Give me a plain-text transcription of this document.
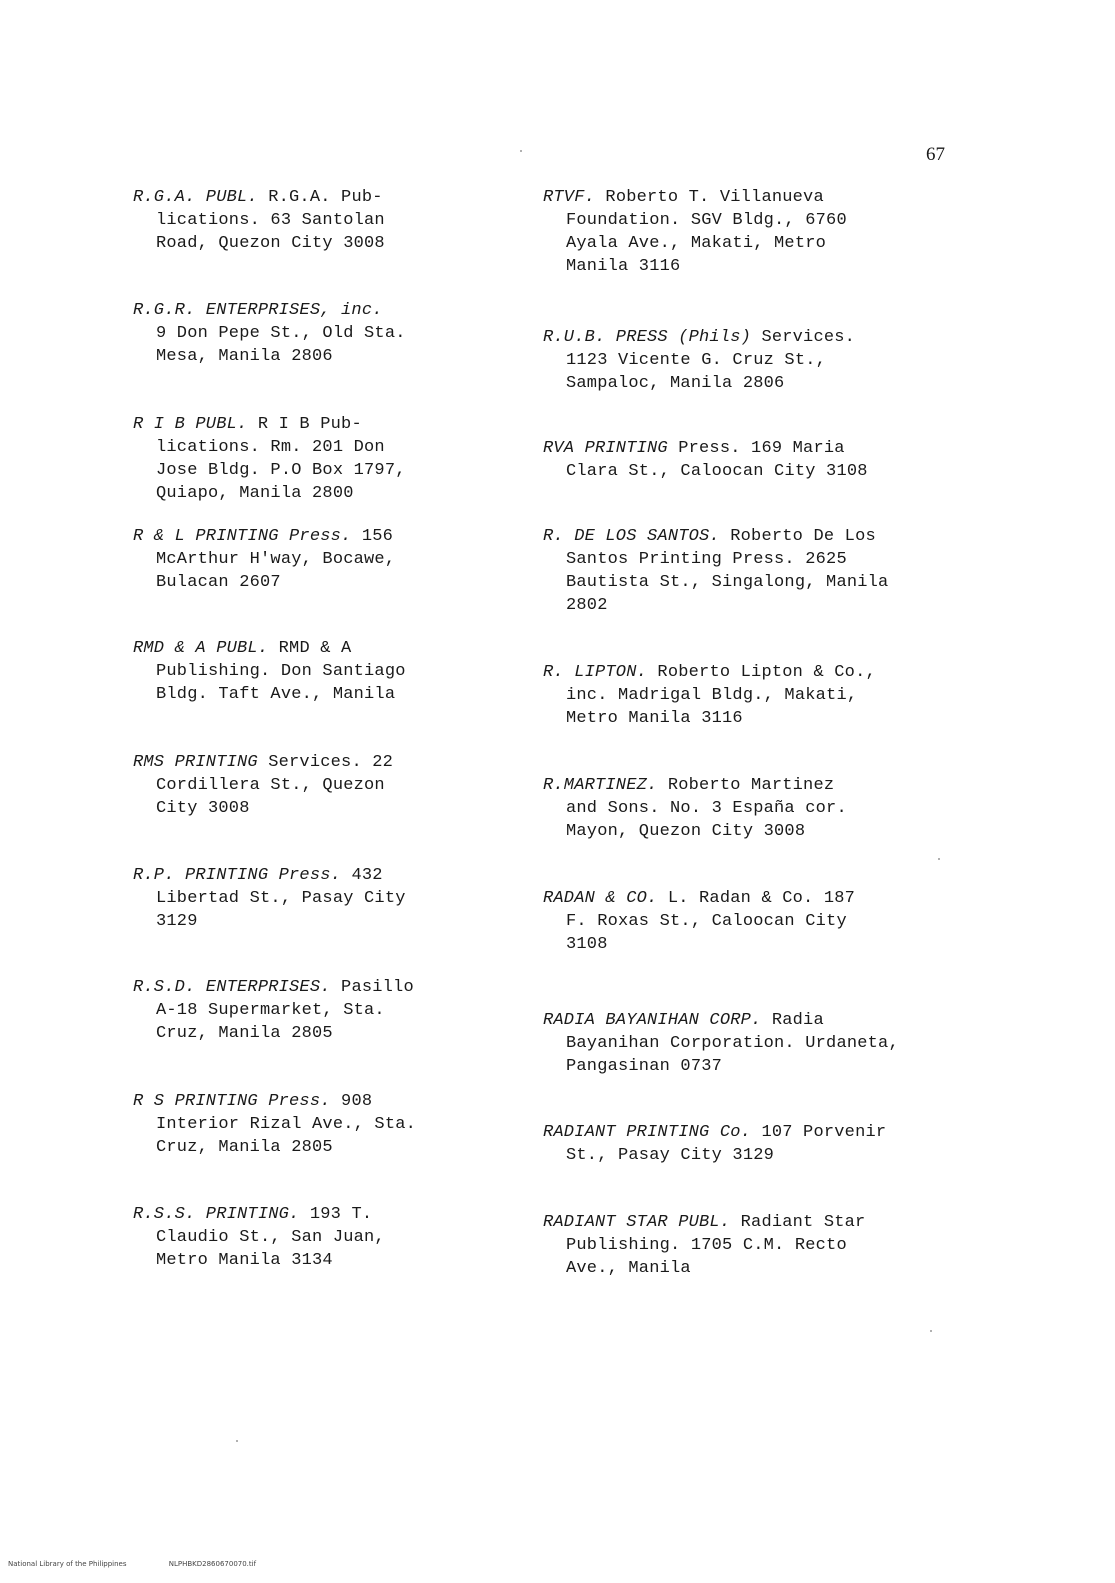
67

R.G.A. PUBL. R.G.A. Pub-
lications. 63 Santolan
Road, Quezon City 3008

R.G.R. ENTERPRISES, inc.
9 Don Pepe St., Old Sta.
Mesa, Manila 2806

R I B PUBL. R I B Pub-
lications. Rm. 201 Don
Jose Bldg. P.O Box 1797,
Quiapo, Manila 2800

R & L PRINTING Press. 156
McArthur H'way, Bocawe,
Bulacan 2607

RMD & A PUBL. RMD & A
Publishing. Don Santiago
Bldg. Taft Ave., Manila

RMS PRINTING Services. 22
Cordillera St., Quezon
City 3008

R.P. PRINTING Press. 432
Libertad St., Pasay City
3129

R.S.D. ENTERPRISES. Pasillo
A-18 Supermarket, Sta.
Cruz, Manila 2805

R S PRINTING Press. 908
Interior Rizal Ave., Sta.
Cruz, Manila 2805

R.S.S. PRINTING. 193 T.
Claudio St., San Juan,
Metro Manila 3134

RTVF. Roberto T. Villanueva
Foundation. SGV Bldg., 6760
Ayala Ave., Makati, Metro
Manila 3116

R.U.B. PRESS (Phils) Services.
1123 Vicente G. Cruz St.,
Sampaloc, Manila 2806

RVA PRINTING Press. 169 Maria
Clara St., Caloocan City 3108

R. DE LOS SANTOS. Roberto De Los
Santos Printing Press. 2625
Bautista St., Singalong, Manila
2802

R. LIPTON. Roberto Lipton & Co.,
inc. Madrigal Bldg., Makati,
Metro Manila 3116

R.MARTINEZ. Roberto Martinez
and Sons. No. 3 España cor.
Mayon, Quezon City 3008

RADAN & CO. L. Radan & Co. 187
F. Roxas St., Caloocan City
3108

RADIA BAYANIHAN CORP. Radia
Bayanihan Corporation. Urdaneta,
Pangasinan 0737

RADIANT PRINTING Co. 107 Porvenir
St., Pasay City 3129

RADIANT STAR PUBL. Radiant Star
Publishing. 1705 C.M. Recto
Ave., Manila

National Library of the Philippines	NLPHBKD2860670070.tif
